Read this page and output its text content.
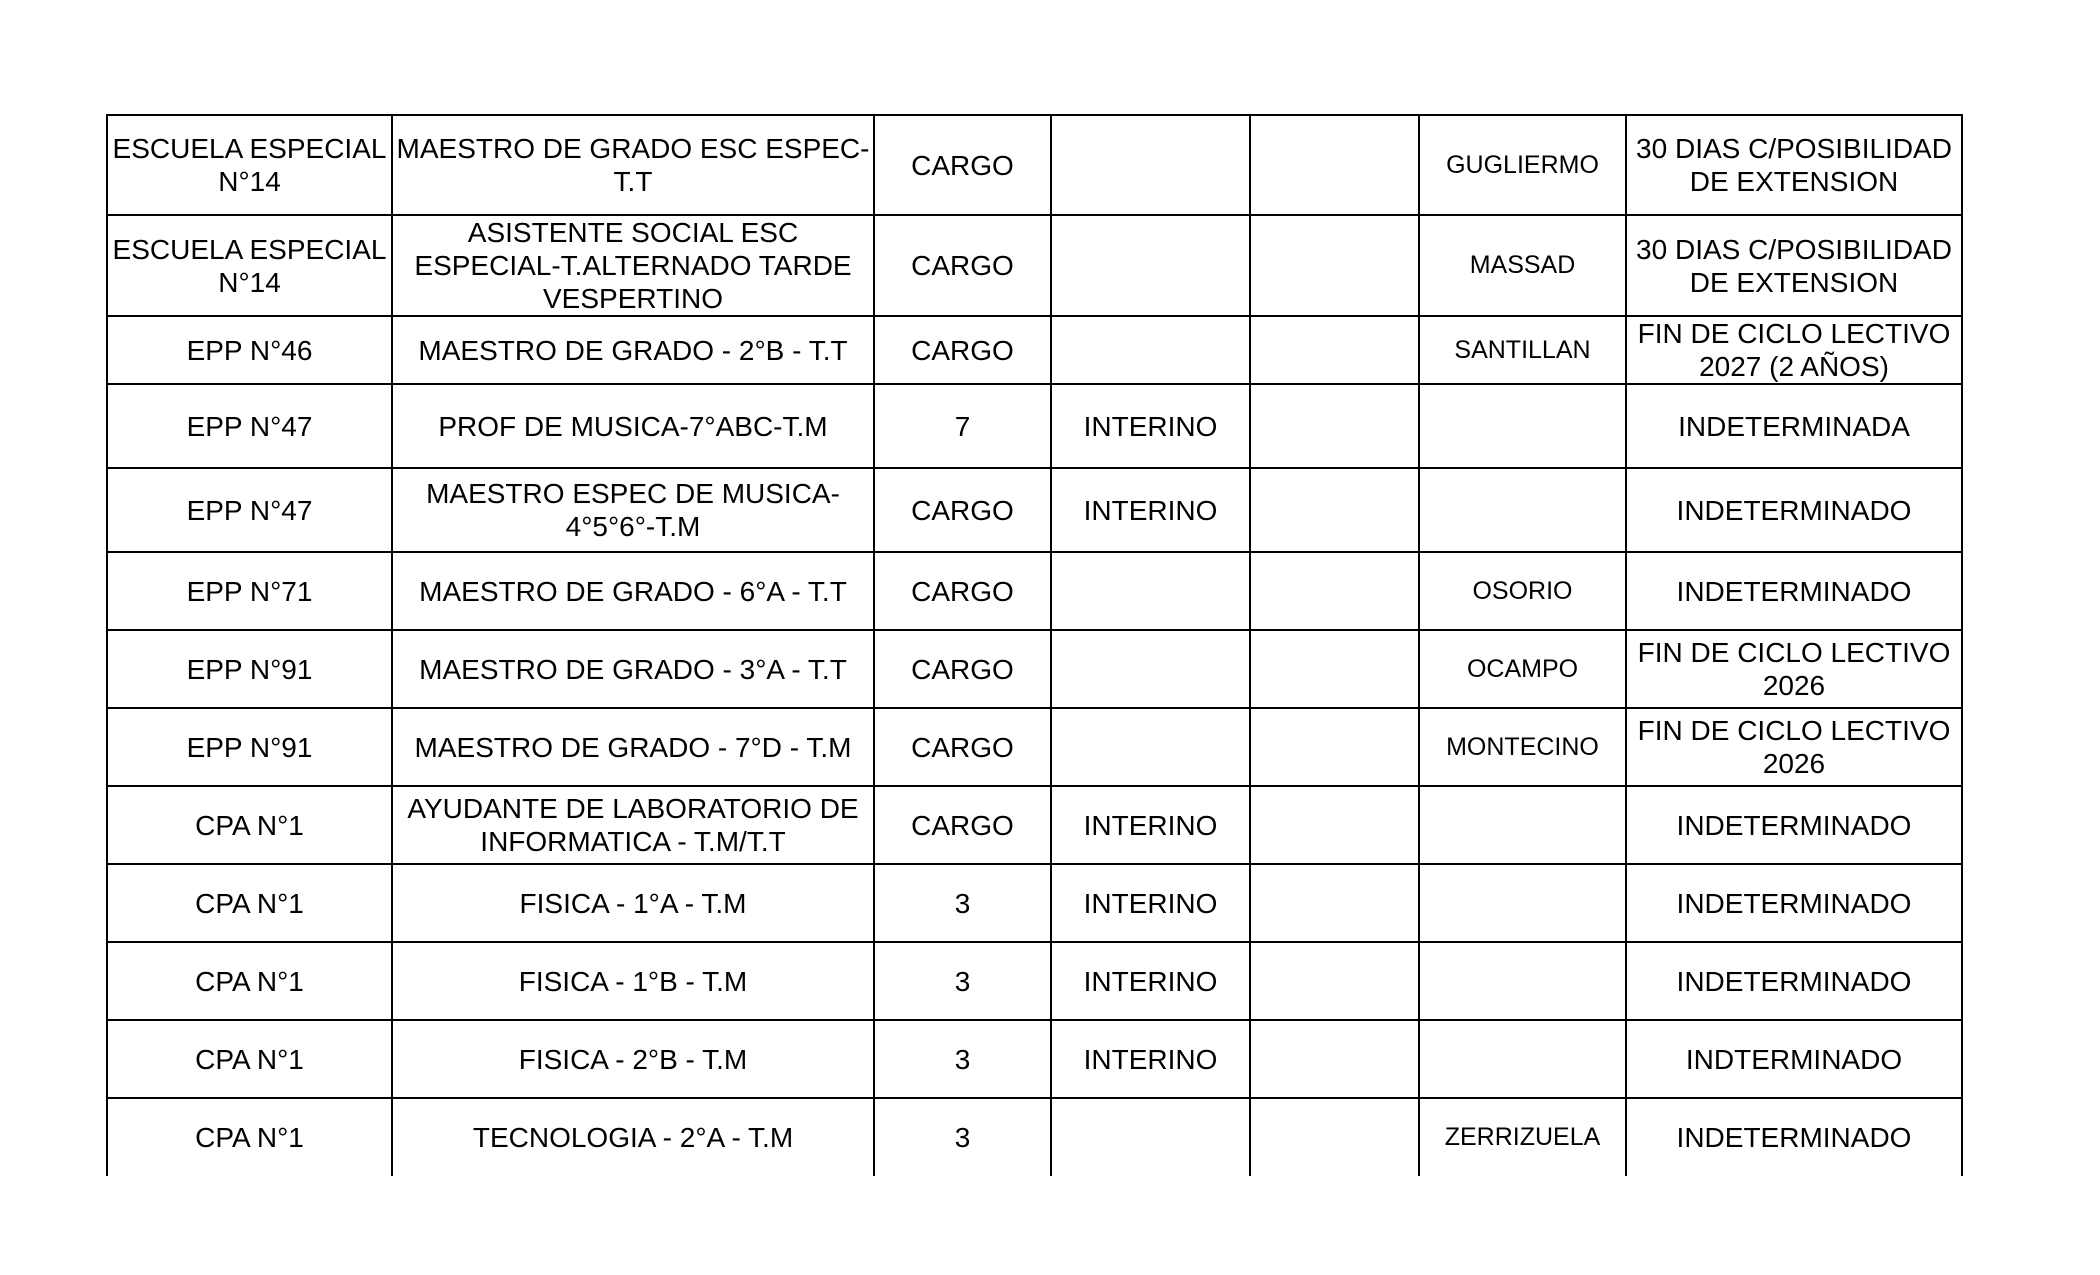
ESCUELA ESPECIAL N°14	MAESTRO DE GRADO ESC ESPEC-T.T	CARGO			GUGLIERMO	30 DIAS C/POSIBILIDAD DE EXTENSION
ESCUELA ESPECIAL N°14	ASISTENTE SOCIAL ESC ESPECIAL-T.ALTERNADO TARDE VESPERTINO	CARGO			MASSAD	30 DIAS C/POSIBILIDAD DE EXTENSION
EPP N°46	MAESTRO DE GRADO - 2°B - T.T	CARGO			SANTILLAN	FIN DE CICLO LECTIVO 2027 (2 AÑOS)
EPP N°47	PROF DE MUSICA-7°ABC-T.M	7	INTERINO			INDETERMINADA
EPP N°47	MAESTRO ESPEC DE MUSICA-4°5°6°-T.M	CARGO	INTERINO			INDETERMINADO
EPP N°71	MAESTRO DE GRADO - 6°A - T.T	CARGO			OSORIO	INDETERMINADO
EPP N°91	MAESTRO DE GRADO - 3°A - T.T	CARGO			OCAMPO	FIN DE CICLO LECTIVO 2026
EPP N°91	MAESTRO DE GRADO - 7°D - T.M	CARGO			MONTECINO	FIN DE CICLO LECTIVO 2026
CPA N°1	AYUDANTE DE LABORATORIO DE INFORMATICA - T.M/T.T	CARGO	INTERINO			INDETERMINADO
CPA N°1	FISICA - 1°A - T.M	3	INTERINO			INDETERMINADO
CPA N°1	FISICA - 1°B - T.M	3	INTERINO			INDETERMINADO
CPA N°1	FISICA - 2°B - T.M	3	INTERINO			INDTERMINADO
CPA N°1	TECNOLOGIA - 2°A - T.M	3			ZERRIZUELA	INDETERMINADO
